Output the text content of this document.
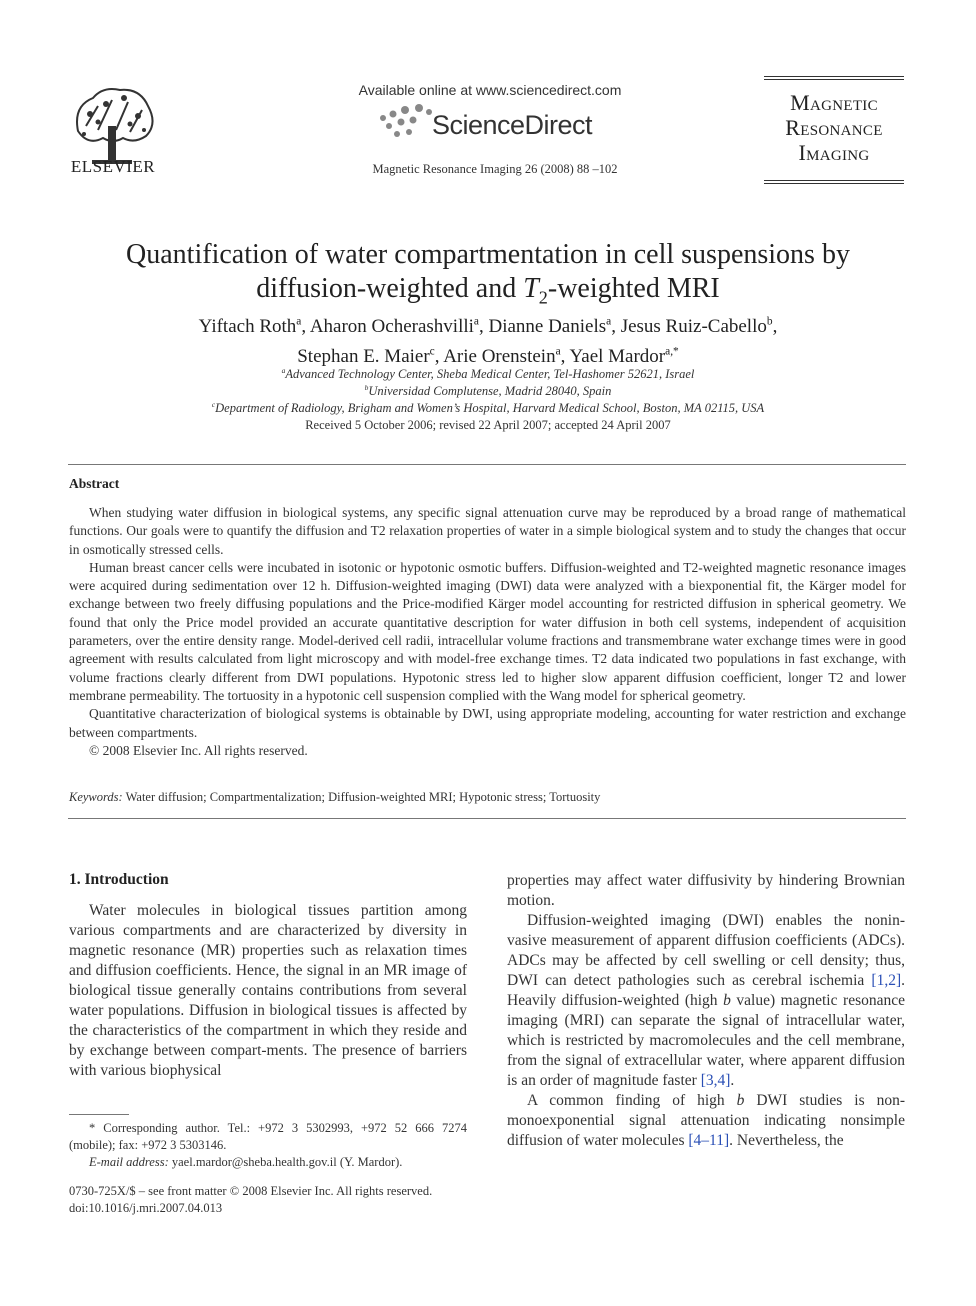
ELSEVIER
Available online at www.sciencedirect.com
ScienceDirect
Magnetic Resonance Imaging 26 (2008) 88 –102
Magnetic
Resonance
Imaging
Quantification of water compartmentation in cell suspensions by
diffusion-weighted and $T_2$-weighted MRI
Yiftach Roth$^a$, Aharon Ocherashvilli$^a$, Dianne Daniels$^a$, Jesus Ruiz-Cabello$^b$,
Stephan E. Maier$^c$, Arie Orenstein$^a$, Yael Mardor$^{a,*}$
$^a$Advanced Technology Center, Sheba Medical Center, Tel-Hashomer 52621, Israel
$^b$Universidad Complutense, Madrid 28040, Spain
$^c$Department of Radiology, Brigham and Women’s Hospital, Harvard Medical School, Boston, MA 02115, USA
Received 5 October 2006; revised 22 April 2007; accepted 24 April 2007
Abstract

When studying water diffusion in biological systems, any specific signal attenuation curve may be reproduced by a broad range of mathematical functions. Our goals were to quantify the diffusion and T2 relaxation properties of water in a simple biological system and to study the changes that occur in osmotically stressed cells.

Human breast cancer cells were incubated in isotonic or hypotonic osmotic buffers. Diffusion-weighted and T2-weighted magnetic resonance images were acquired during sedimentation over 12 h. Diffusion-weighted imaging (DWI) data were analyzed with a biexponential fit, the Kärger model for exchange between two freely diffusing populations and the Price-modified Kärger model accounting for restricted diffusion in spherical geometry. We found that only the Price model provided an accurate quantitative description for water diffusion in both cell systems, independent of acquisition parameters, over the entire density range. Model-derived cell radii, intracellular volume fractions and transmembrane water exchange times were in good agreement with results calculated from light microscopy and with model-free exchange times. T2 data indicated two populations in fast exchange, with volume fractions clearly different from DWI populations. Hypotonic stress led to higher slow apparent diffusion coefficient, longer T2 and lower membrane permeability. The tortuosity in a hypotonic cell suspension complied with the Wang model for spherical geometry.

Quantitative characterization of biological systems is obtainable by DWI, using appropriate modeling, accounting for water restriction and exchange between compartments.

© 2008 Elsevier Inc. All rights reserved.

Keywords: Water diffusion; Compartmentalization; Diffusion-weighted MRI; Hypotonic stress; Tortuosity
1. Introduction

Water molecules in biological tissues partition among various compartments and are characterized by diversity in magnetic resonance (MR) properties such as relaxation times and diffusion coefficients. Hence, the signal in an MR image of biological tissue generally contains contributions from several water populations. Diffusion in biological tissues is affected by the characteristics of the compartment in which they reside and by exchange between compart-ments. The presence of barriers with various biophysical

properties may affect water diffusivity by hindering Brownian motion.

Diffusion-weighted imaging (DWI) enables the nonin-vasive measurement of apparent diffusion coefficients (ADCs). ADCs may be affected by cell swelling or cell density; thus, DWI can detect pathologies such as cerebral ischemia [1,2]. Heavily diffusion-weighted (high b value) magnetic resonance imaging (MRI) can separate the signal of intracellular water, which is restricted by macromolecules and the cell membrane, from the signal of extracellular water, where apparent diffusion is an order of magnitude faster [3,4].

A common finding of high b DWI studies is non-monoexponential signal attenuation indicating nonsimple diffusion of water molecules [4–11]. Nevertheless, the

* Corresponding author. Tel.: +972 3 5302993, +972 52 666 7274 (mobile); fax: +972 3 5303146.

E-mail address: yael.mardor@sheba.health.gov.il (Y. Mardor).

0730-725X/$ – see front matter © 2008 Elsevier Inc. All rights reserved.
doi:10.1016/j.mri.2007.04.013
